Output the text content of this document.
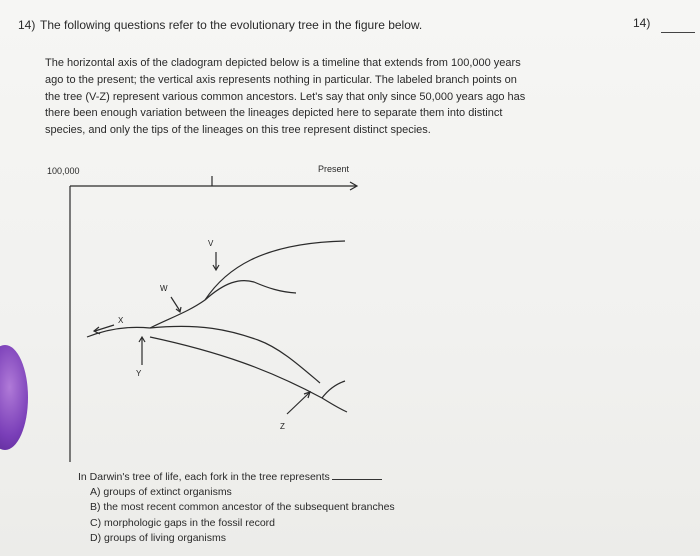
14) The following questions refer to the evolutionary tree in the figure below.	14)
The horizontal axis of the cladogram depicted below is a timeline that extends from 100,000 years
ago to the present; the vertical axis represents nothing in particular. The labeled branch points on
the tree (V-Z) represent various common ancestors. Let's say that only since 50,000 years ago has
there been enough variation between the lineages depicted here to separate them into distinct
species, and only the tips of the lineages on this tree represent distinct species.
100,000	Present
V
W
X
Y
Z
In Darwin's tree of life, each fork in the tree represents
A) groups of extinct organisms
B) the most recent common ancestor of the subsequent branches
C) morphologic gaps in the fossil record
D) groups of living organisms
